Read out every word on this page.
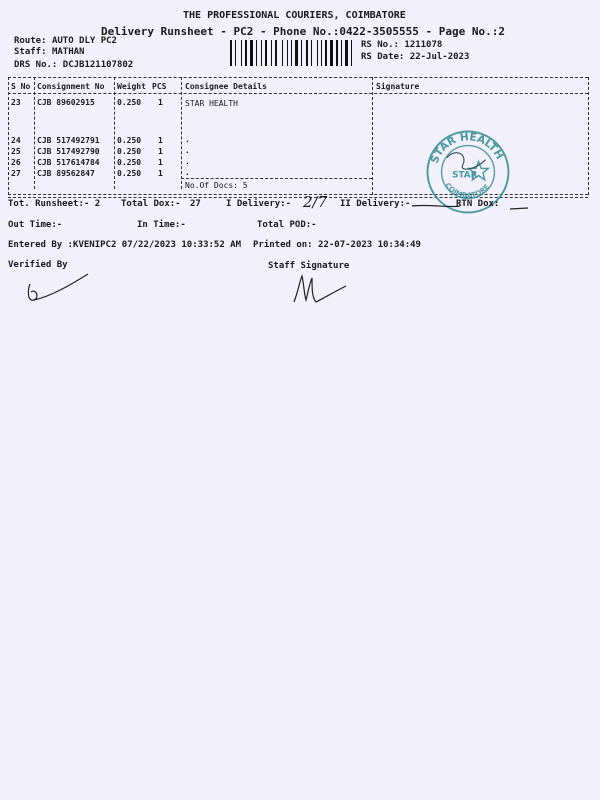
THE PROFESSIONAL COURIERS, COIMBATORE
Delivery Runsheet - PC2 - Phone No.:0422-3505555 - Page No.:2
Route: AUTO DLY PC2
Staff: MATHAN
DRS No.: DCJB121107802
RS No.: 1211078
RS Date: 22-Jul-2023
S No Consignment No Weight PCS Consignee Details	Signature
23 CJB 89602915	0.250 1	STAR HEALTH
24 CJB 517492791 0.250 1	.
25 CJB 517492790 0.250 1	.
26 CJB 517614784 0.250 1	.
27 CJB 89562847	0.250 1	.
No.Of Docs: 5
STAR HEALTH
COIMBATORE
STAR
Tot. Runsheet:- 2 Total Dox:- 27	I Delivery:- 2/7 II Delivery:-	RTN Dox:
Out Time:-	In Time:-	Total POD:-
Entered By :KVENIPC2 07/22/2023 10:33:52 AM Printed on: 22-07-2023 10:34:49
Verified By	Staff Signature
